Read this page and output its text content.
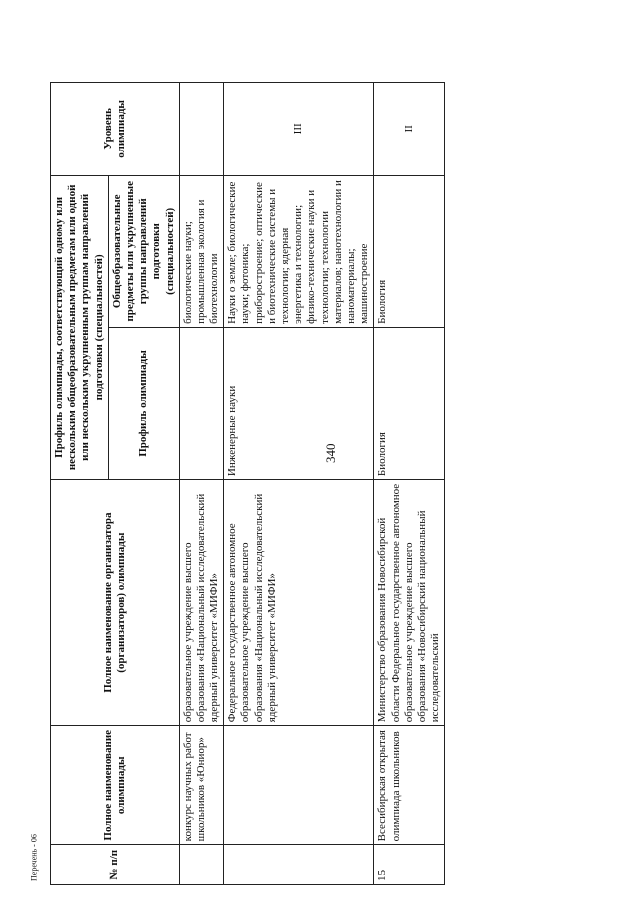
340
Перечень - 06	№ п/п	Полное наименование олимпиады	Полное наименование организатора (организаторов) олимпиады	Профиль олимпиады, соответствующий одному или нескольким общеобразовательным предметам или одной или нескольким укрупненным группам направлений подготовки (специальностей)		Уровень олимпиады
			Профиль олимпиады	Общеобразовательные предметы или укрупненные группы направлений подготовки (специальностей)	
	конкурс научных работ школьников «Юниор»	образовательное учреждение высшего образования «Национальный исследовательский ядерный университет «МИФИ»		биологические науки; промышленная экология и биотехнологии	
		Федеральное государственное автономное образовательное учреждение высшего образования «Национальный исследовательский ядерный университет «МИФИ»	Инженерные науки	Науки о земле; биологические науки; фотоника; приборостроение; оптические и биотехнические системы и технологии; ядерная энергетика и технологии; физико-технические науки и технологии; технологии материалов; нанотехнологии и наноматериалы; машиностроение	III
15	Всесибирская открытая олимпиада школьников	Министерство образования Новосибирской области Федеральное государственное автономное образовательное учреждение высшего образования «Новосибирский национальный исследовательский	Биология	Биология	II
